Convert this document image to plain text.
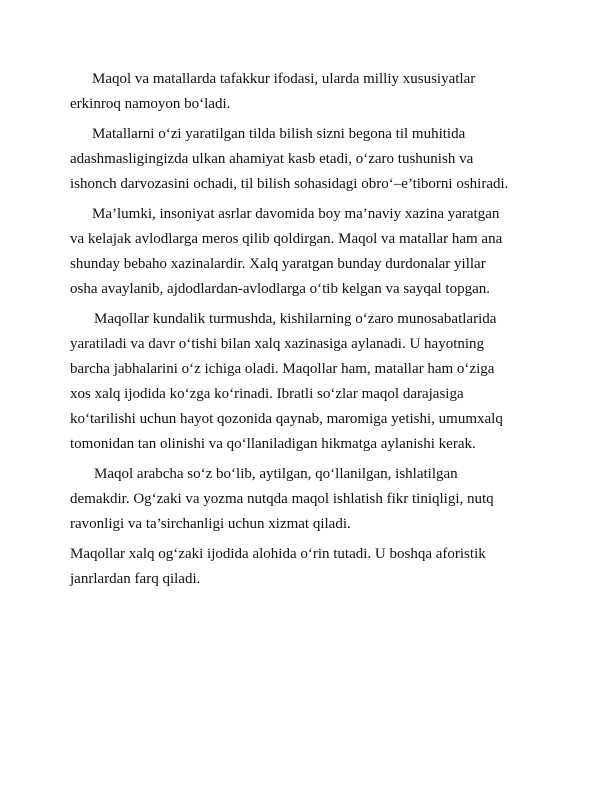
Maqol va matallarda tafakkur ifodasi, ularda milliy xususiyatlar
erkinroq namoyon bo‘ladi.

Matallarni o‘zi yaratilgan tilda bilish sizni begona til muhitida
adashmasligingizda ulkan ahamiyat kasb etadi, o‘zaro tushunish va
ishonch darvozasini ochadi, til bilish sohasidagi obro‘–e’tiborni oshiradi.

Ma’lumki, insoniyat asrlar davomida boy ma’naviy xazina yaratgan
va kelajak avlodlarga meros qilib qoldirgan. Maqol va matallar ham ana
shunday bebaho xazinalardir. Xalq yaratgan bunday durdonalar yillar
osha avaylanib, ajdodlardan-avlodlarga o‘tib kelgan va sayqal topgan.

Maqollar kundalik turmushda, kishilarning o‘zaro munosabatlarida
yaratiladi va davr o‘tishi bilan xalq xazinasiga aylanadi. U hayotning
barcha jabhalarini o‘z ichiga oladi. Maqollar ham, matallar ham o‘ziga
xos xalq ijodida ko‘zga ko‘rinadi. Ibratli so‘zlar maqol darajasiga
ko‘tarilishi uchun hayot qozonida qaynab, maromiga yetishi, umumxalq
tomonidan tan olinishi va qo‘llaniladigan hikmatga aylanishi kerak.

Maqol arabcha so‘z bo‘lib, aytilgan, qo‘llanilgan, ishlatilgan
demakdir. Og‘zaki va yozma nutqda maqol ishlatish fikr tiniqligi, nutq
ravonligi va ta’sirchanligi uchun xizmat qiladi.

Maqollar xalq og‘zaki ijodida alohida o‘rin tutadi. U boshqa aforistik
janrlardan farq qiladi.
